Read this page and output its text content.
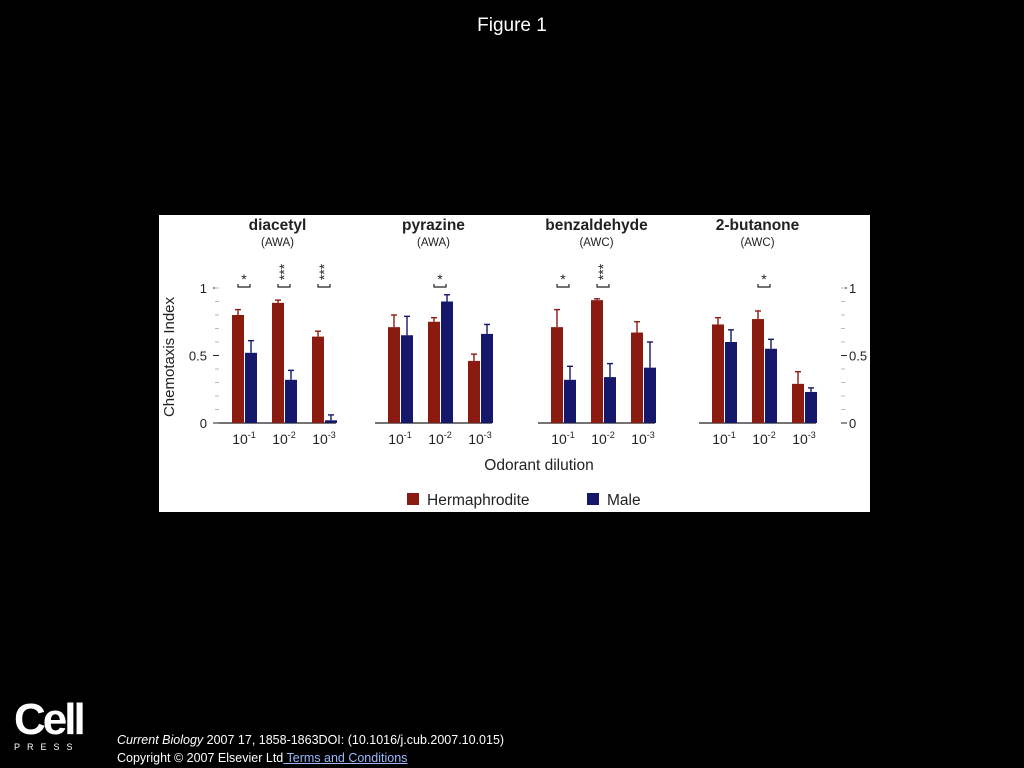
Figure 1
0
0.5
1
0
0.5
1
Chemotaxis Index
diacetyl
(AWA)
$10^{-1}$
*
$10^{-2}$
***
$10^{-3}$
***
pyrazine
(AWA)
$10^{-1}$ $10^{-2}$
*
$10^{-3}$
benzaldehyde
(AWC)
$10^{-1}$
*
$10^{-2}$
***
$10^{-3}$
2-butanone
(AWC)
$10^{-1}$ $10^{-2}$
*
$10^{-3}$
Odorant dilution
Hermaphrodite	Male
Cell
PRESS	Current Biology 2007 17, 1858-1863DOI: (10.1016/j.cub.2007.10.015)
Copyright © 2007 Elsevier Ltd Terms and Conditions
